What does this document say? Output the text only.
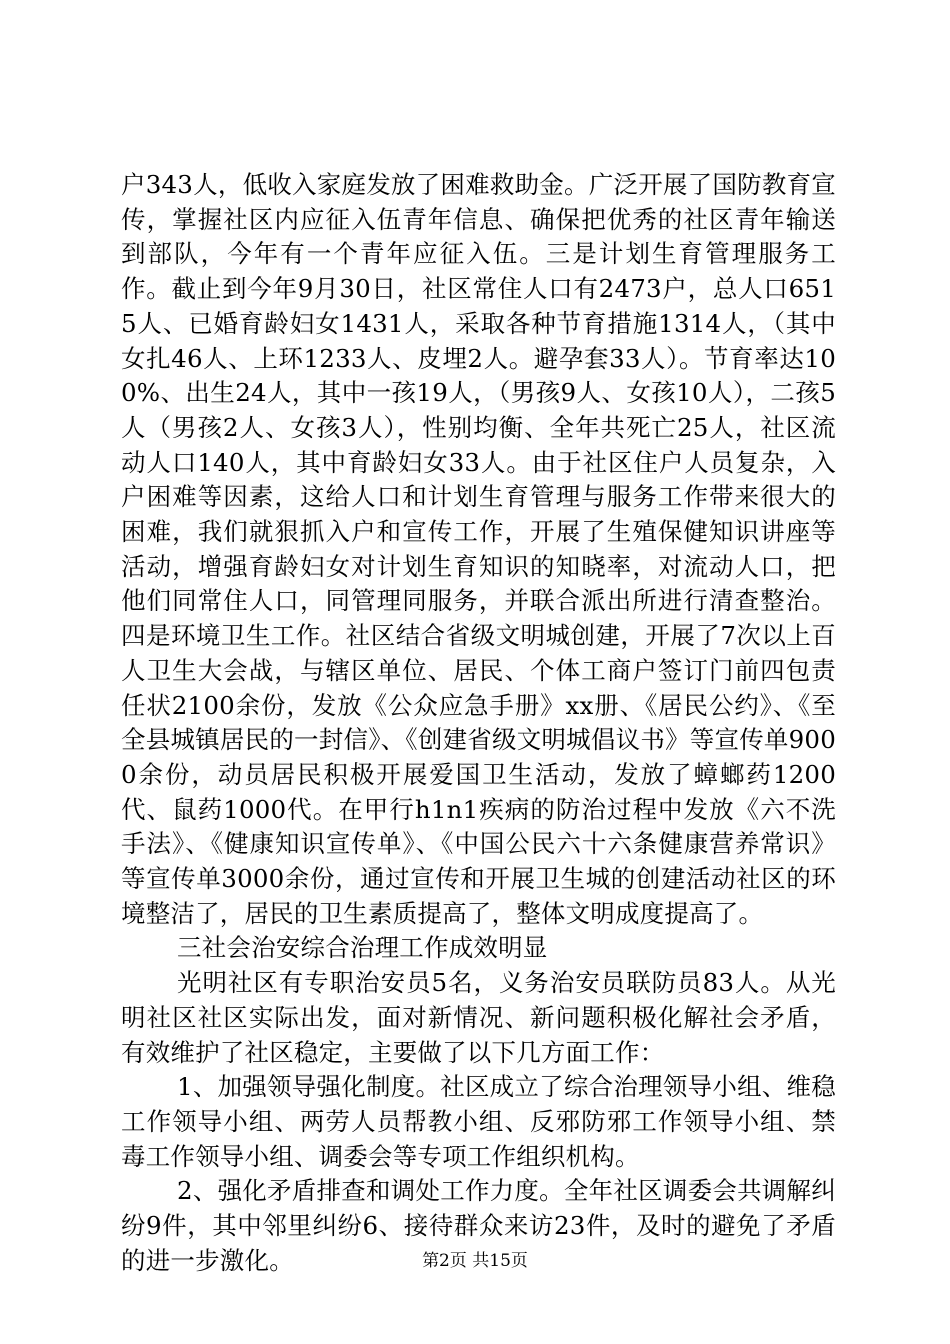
户343人，低收入家庭发放了困难救助金。广泛开展了国防教育宣传，掌握社区内应征入伍青年信息、确保把优秀的社区青年输送到部队，今年有一个青年应征入伍。三是计划生育管理服务工作。截止到今年9月30日，社区常住人口有2473户，总人口6515人、已婚育龄妇女1431人，采取各种节育措施1314人，（其中女扎46人、上环1233人、皮埋2人。避孕套33人）。节育率达100%、出生24人，其中一孩19人，（男孩9人、女孩10人），二孩5人（男孩2人、女孩3人），性别均衡、全年共死亡25人，社区流动人口140人，其中育龄妇女33人。由于社区住户人员复杂，入户困难等因素，这给人口和计划生育管理与服务工作带来很大的困难，我们就狠抓入户和宣传工作，开展了生殖保健知识讲座等活动，增强育龄妇女对计划生育知识的知晓率，对流动人口，把他们同常住人口，同管理同服务，并联合派出所进行清查整治。四是环境卫生工作。社区结合省级文明城创建，开展了7次以上百人卫生大会战，与辖区单位、居民、个体工商户签订门前四包责任状2100余份，发放《公众应急手册》xx册、《居民公约》、《至全县城镇居民的一封信》、《创建省级文明城倡议书》等宣传单9000余份，动员居民积极开展爱国卫生活动，发放了蟑螂药1200代、鼠药1000代。在甲行h1n1疾病的防治过程中发放《六不洗手法》、《健康知识宣传单》、《中国公民六十六条健康营养常识》等宣传单3000余份，通过宣传和开展卫生城的创建活动社区的环境整洁了，居民的卫生素质提高了，整体文明成度提高了。

三社会治安综合治理工作成效明显

光明社区有专职治安员5名，义务治安员联防员83人。从光明社区社区实际出发，面对新情况、新问题积极化解社会矛盾，有效维护了社区稳定，主要做了以下几方面工作：

1、加强领导强化制度。社区成立了综合治理领导小组、维稳工作领导小组、两劳人员帮教小组、反邪防邪工作领导小组、禁毒工作领导小组、调委会等专项工作组织机构。

2、强化矛盾排查和调处工作力度。全年社区调委会共调解纠纷9件，其中邻里纠纷6、接待群众来访23件，及时的避免了矛盾的进一步激化。	第2页 共15页
